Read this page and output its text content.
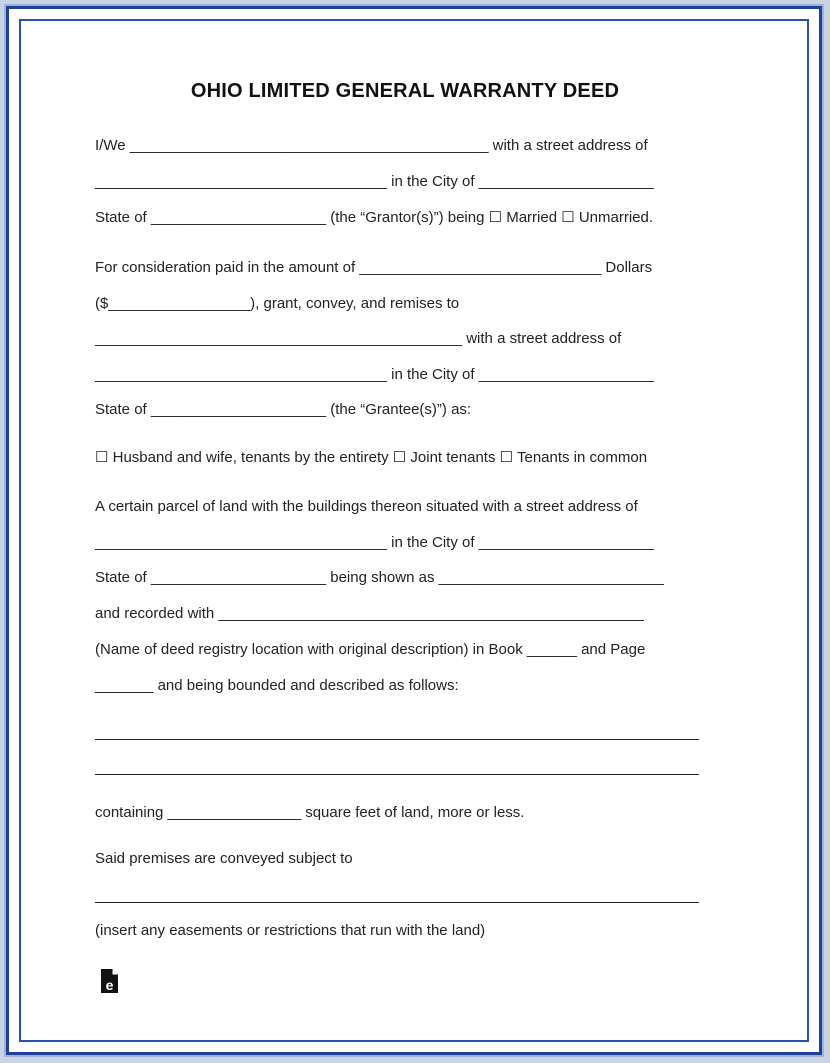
OHIO LIMITED GENERAL WARRANTY DEED
I/We ___________________________________________ with a street address of
___________________________________ in the City of _____________________
State of _____________________ (the “Grantor(s)”) being ☐ Married ☐ Unmarried.
For consideration paid in the amount of _____________________________ Dollars
($_________________), grant, convey, and remises to
____________________________________________ with a street address of
___________________________________ in the City of _____________________
State of _____________________ (the “Grantee(s)”) as:
☐ Husband and wife, tenants by the entirety ☐ Joint tenants ☐ Tenants in common
A certain parcel of land with the buildings thereon situated with a street address of
___________________________________ in the City of _____________________
State of _____________________ being shown as ___________________________
and recorded with ___________________________________________________
(Name of deed registry location with original description) in Book ______ and Page
_______ and being bounded and described as follows:
containing ________________ square feet of land, more or less.
Said premises are conveyed subject to
(insert any easements or restrictions that run with the land)
e
